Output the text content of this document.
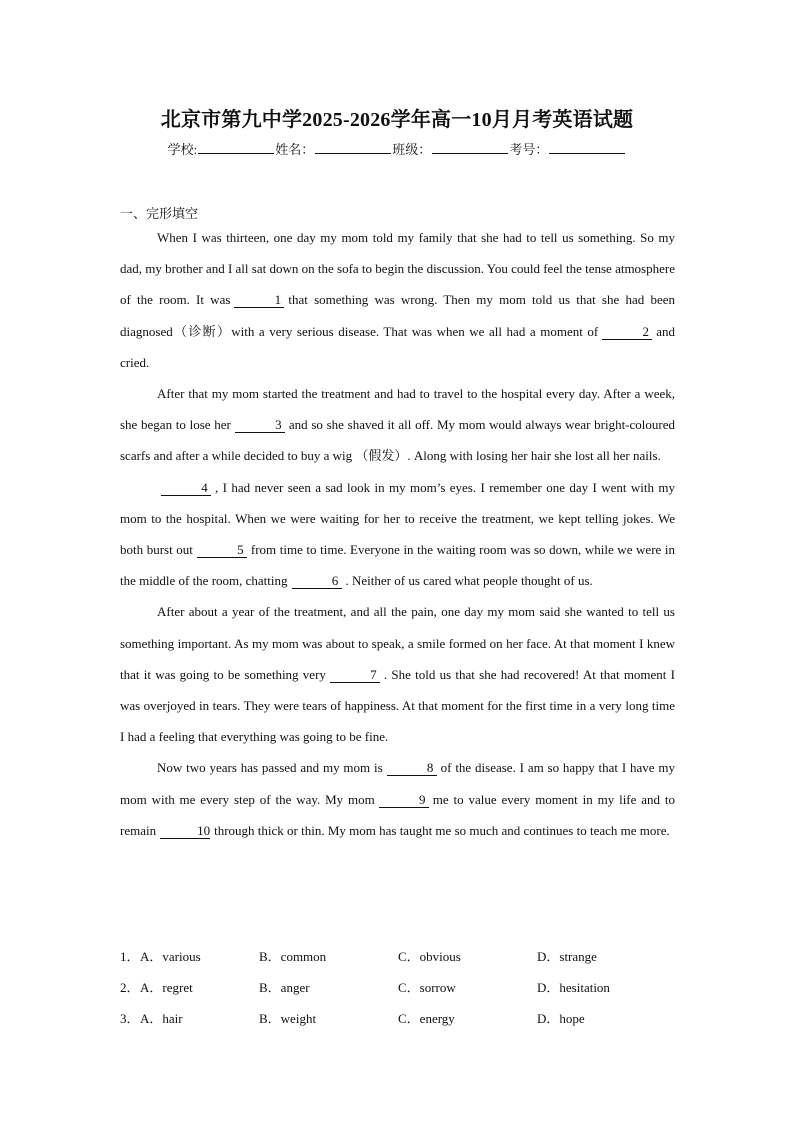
北京市第九中学2025-2026学年高一10月月考英语试题
学校:	姓名：	班级：	考号：
一、完形填空

When I was thirteen, one day my mom told my family that she had to tell us something. So my dad, my brother and I all sat down on the sofa to begin the discussion. You could feel the tense atmosphere of the room. It was	1 that something was wrong. Then my mom told us that she had been diagnosed（诊断）with a very serious disease. That was when we all had a moment of	2 and cried.

After that my mom started the treatment and had to travel to the hospital every day. After a week, she began to lose her	3 and so she shaved it all off. My mom would always wear bright-coloured scarfs and after a while decided to buy a wig （假发）. Along with losing her hair she lost all her nails.

4 , I had never seen a sad look in my mom’s eyes. I remember one day I went with my mom to the hospital. When we were waiting for her to receive the treatment, we kept telling jokes. We both burst out	5 from time to time. Everyone in the waiting room was so down, while we were in the middle of the room, chatting	6 . Neither of us cared what people thought of us.

After about a year of the treatment, and all the pain, one day my mom said she wanted to tell us something important. As my mom was about to speak, a smile formed on her face. At that moment I knew that it was going to be something very	7 . She told us that she had recovered! At that moment I was overjoyed in tears. They were tears of happiness. At that moment for the first time in a very long time I had a feeling that everything was going to be fine.

Now two years has passed and my mom is	8 of the disease. I am so happy that I have my mom with me every step of the way. My mom	9 me to value every moment in my life and to remain	10 through thick or thin. My mom has taught me so much and continues to teach me more.

1． A．various	B．common	C．obvious	D．strange
2． A．regret	B．anger	C．sorrow	D．hesitation
3． A．hair	B．weight	C．energy	D．hope
